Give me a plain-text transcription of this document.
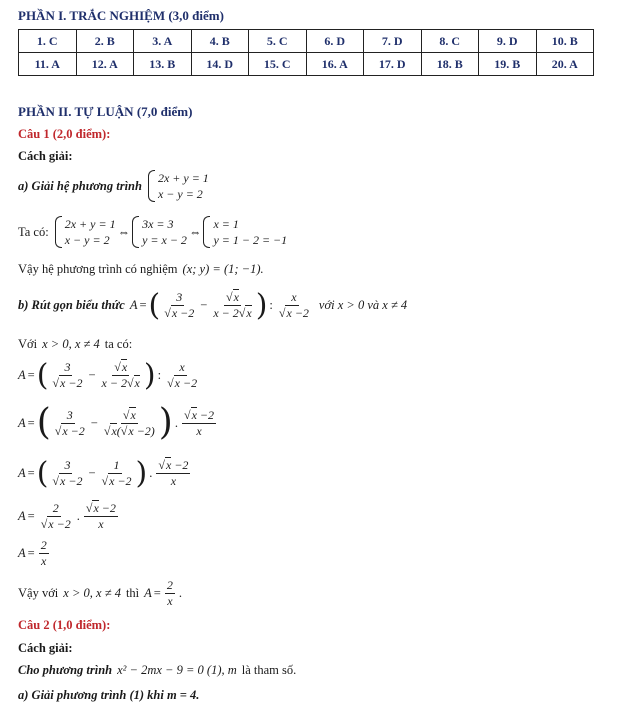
PHẦN I. TRẮC NGHIỆM (3,0 điểm)
1. C	2. B	3. A	4. B	5. C	6. D	7. D	8. C	9. D	10. B
11. A	12. A	13. B	14. D	15. C	16. A	17. D	18. B	19. B	20. A
PHẦN II. TỰ LUẬN (7,0 điểm)
Câu 1 (2,0 điểm):
Cách giải:
a) Giải hệ phương trình
2x + y = 1
x − y = 2
Ta có:
2x + y = 1
x − y = 2
⇔
3x = 3
y = x − 2
⇔
x = 1
y = 1 − 2 = −1
Vậy hệ phương trình có nghiệm (x; y) = (1; −1).
b) Rút gọn biểu thức A = ( $\frac{3}{√x -2} - \frac{√x}{x - 2√x}$ ) : $\frac{x}{√x -2}$ với x > 0 và x ≠ 4
Với x > 0, x ≠ 4 ta có:
A = ( $\frac{3}{√x -2} - \frac{√x}{x - 2√x}$ ) : $\frac{x}{√x -2}$
A = ( $\frac{3}{√x -2} - \frac{√x}{√x(√x -2)}$ ) . $\frac{√x -2}{x}$
A = ( $\frac{3}{√x -2} - \frac{1}{√x -2}$ ) . $\frac{√x -2}{x}$
$A = \frac{2}{√x -2}$ . $\frac{√x -2}{x}$
$A = \frac{2}{x}$
Vậy với x > 0, x ≠ 4 thì $A = \frac{2}{x}$ .
Câu 2 (1,0 điểm):
Cách giải:
Cho phương trình x² − 2mx − 9 = 0 (1), m là tham số.
a) Giải phương trình (1) khi m = 4.
